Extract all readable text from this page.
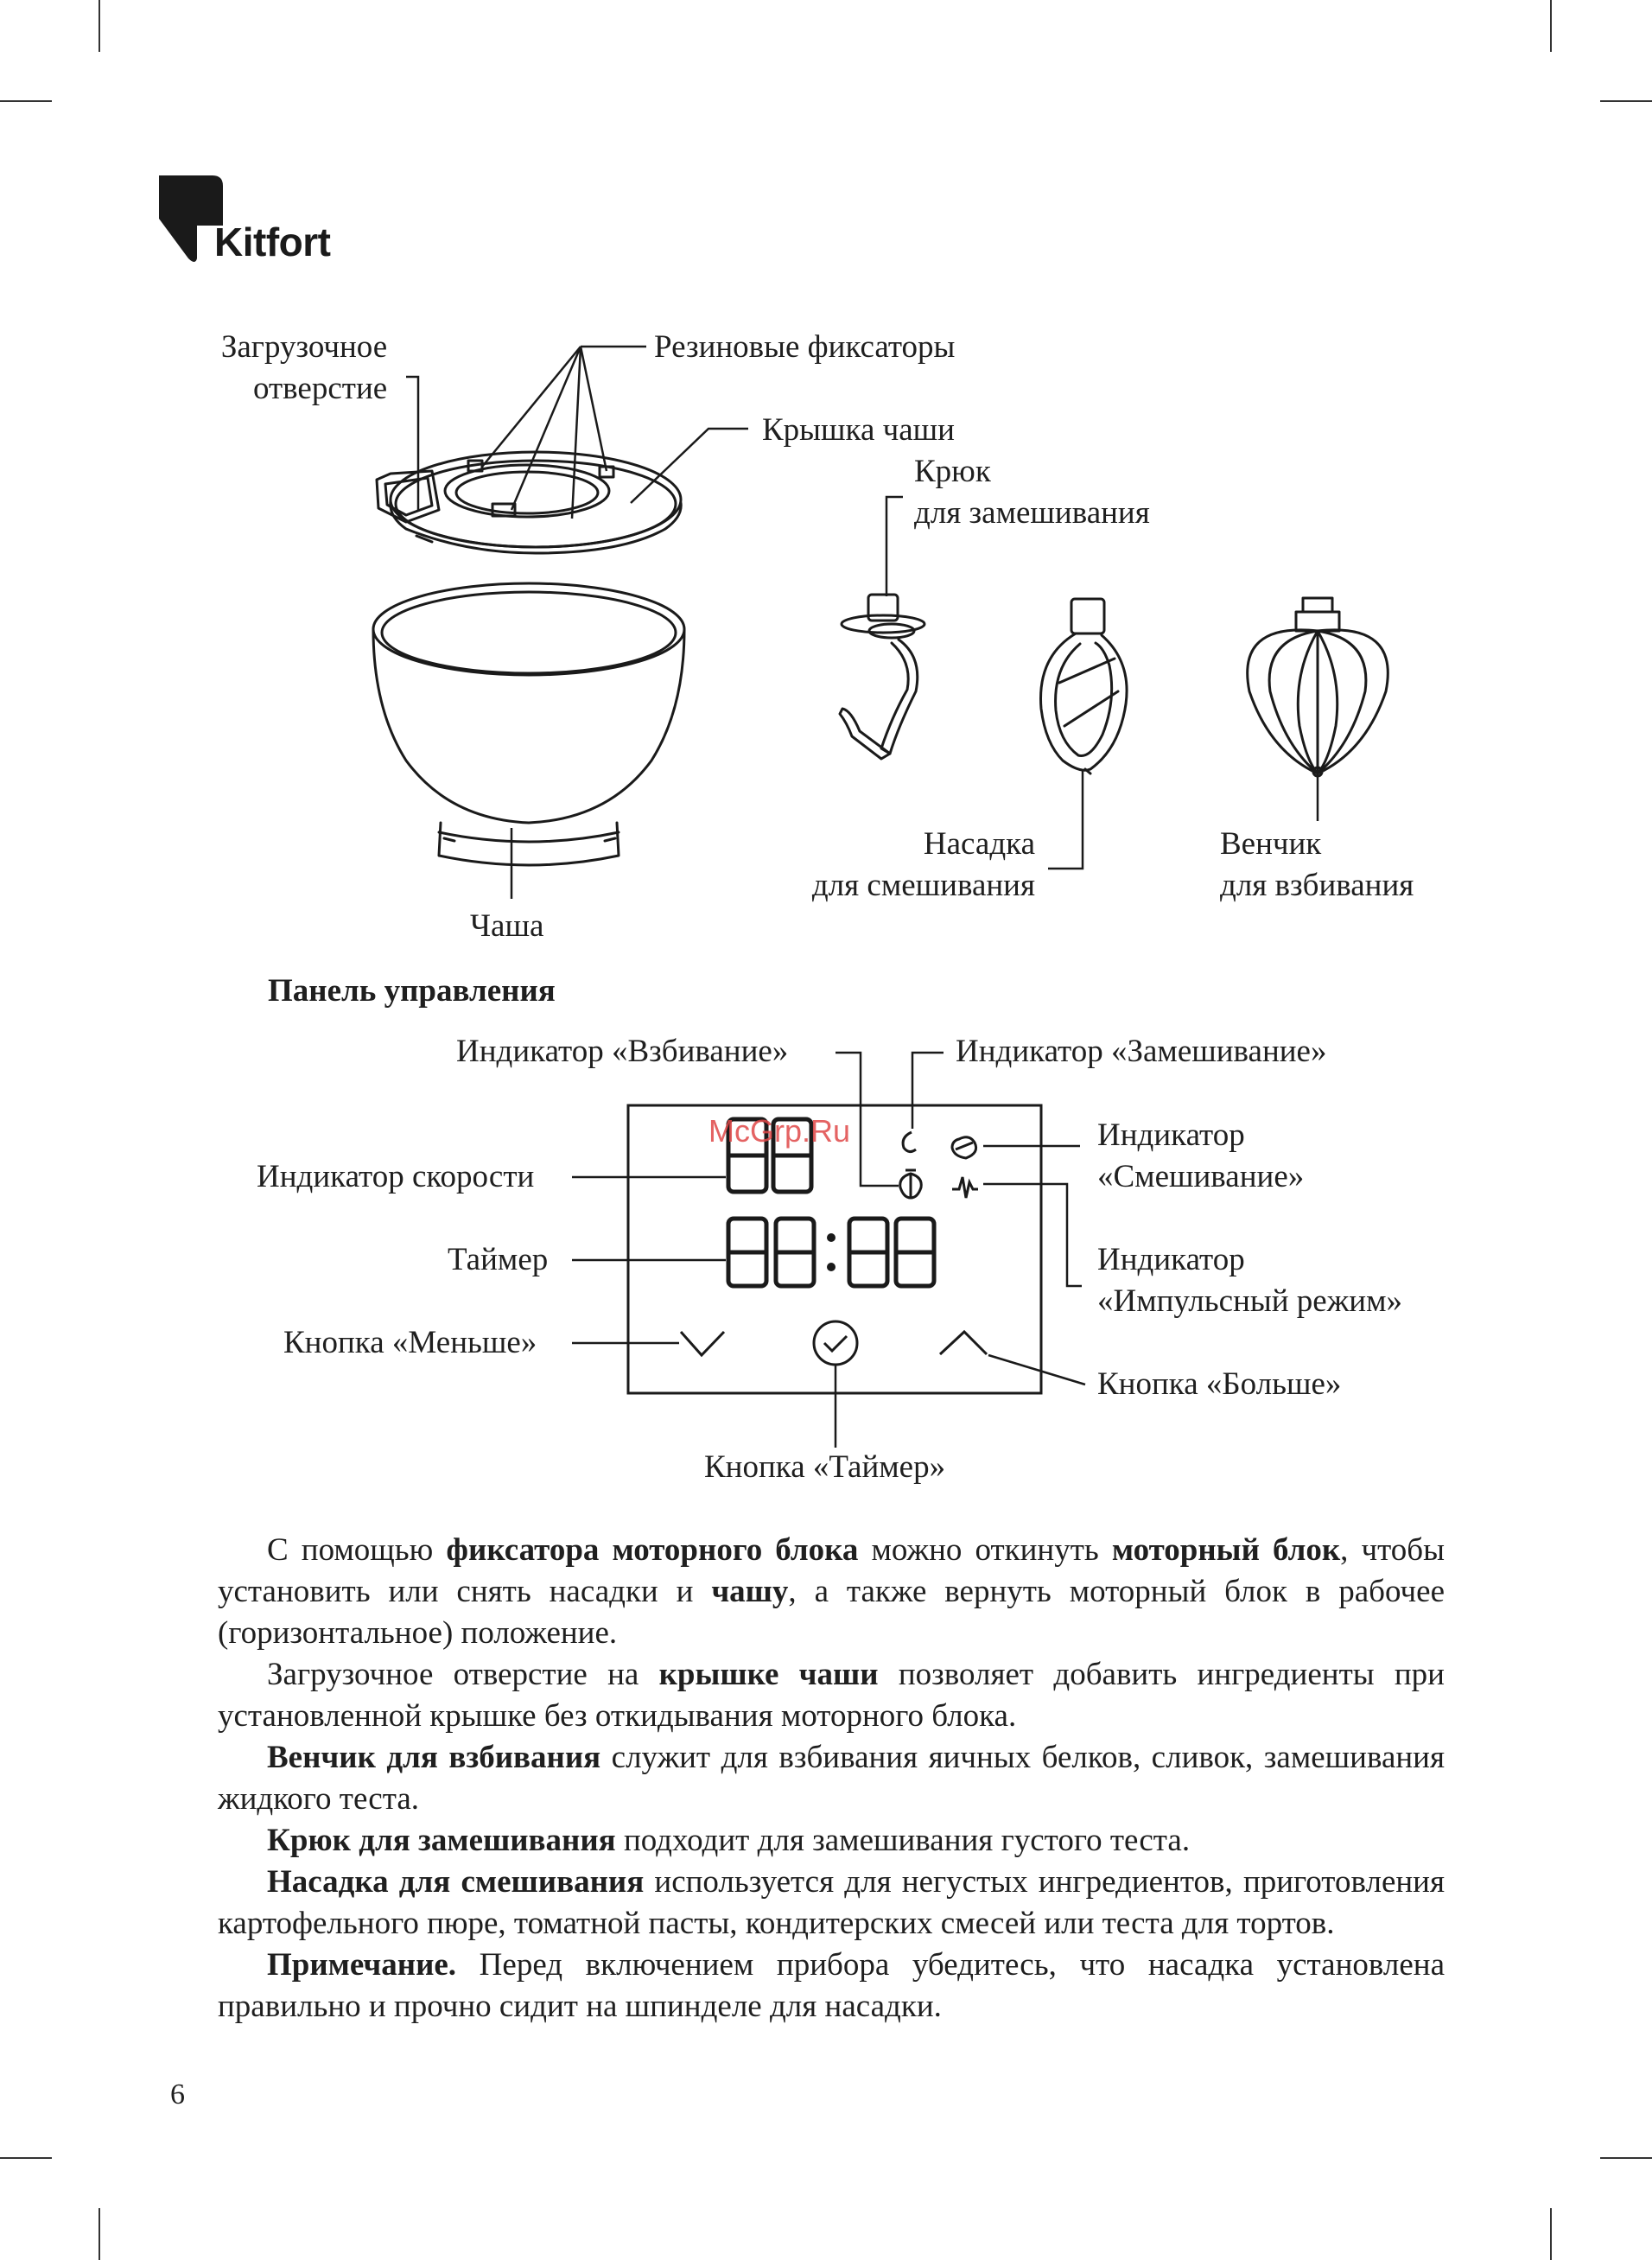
Kitfort
Загрузочное
отверстие
Резиновые фиксаторы
Крышка чаши
Крюк
для замешивания
Чаша
Насадка
для смешивания
Венчик
для взбивания
Панель управления
McGrp.Ru
Индикатор «Взбивание»	Индикатор «Замешивание»
Индикатор
«Смешивание»
Индикатор скорости
Таймер	Индикатор
«Импульсный режим»
Кнопка «Меньше»
Кнопка «Больше»
Кнопка «Таймер»

С помощью фиксатора моторного блока можно откинуть моторный блок, чтобы установить или снять насадки и чашу, а также вернуть моторный блок в рабочее (горизонтальное) положение.

Загрузочное отверстие на крышке чаши позволяет добавить ингредиенты при установленной крышке без откидывания моторного блока.

Венчик для взбивания служит для взбивания яичных белков, сливок, замешивания жидкого теста.

Крюк для замешивания подходит для замешивания густого теста.

Насадка для смешивания используется для негустых ингредиентов, приготовления картофельного пюре, томатной пасты, кондитерских смесей или теста для тортов.

Примечание. Перед включением прибора убедитесь, что насадка установлена правильно и прочно сидит на шпинделе для насадки.

6
